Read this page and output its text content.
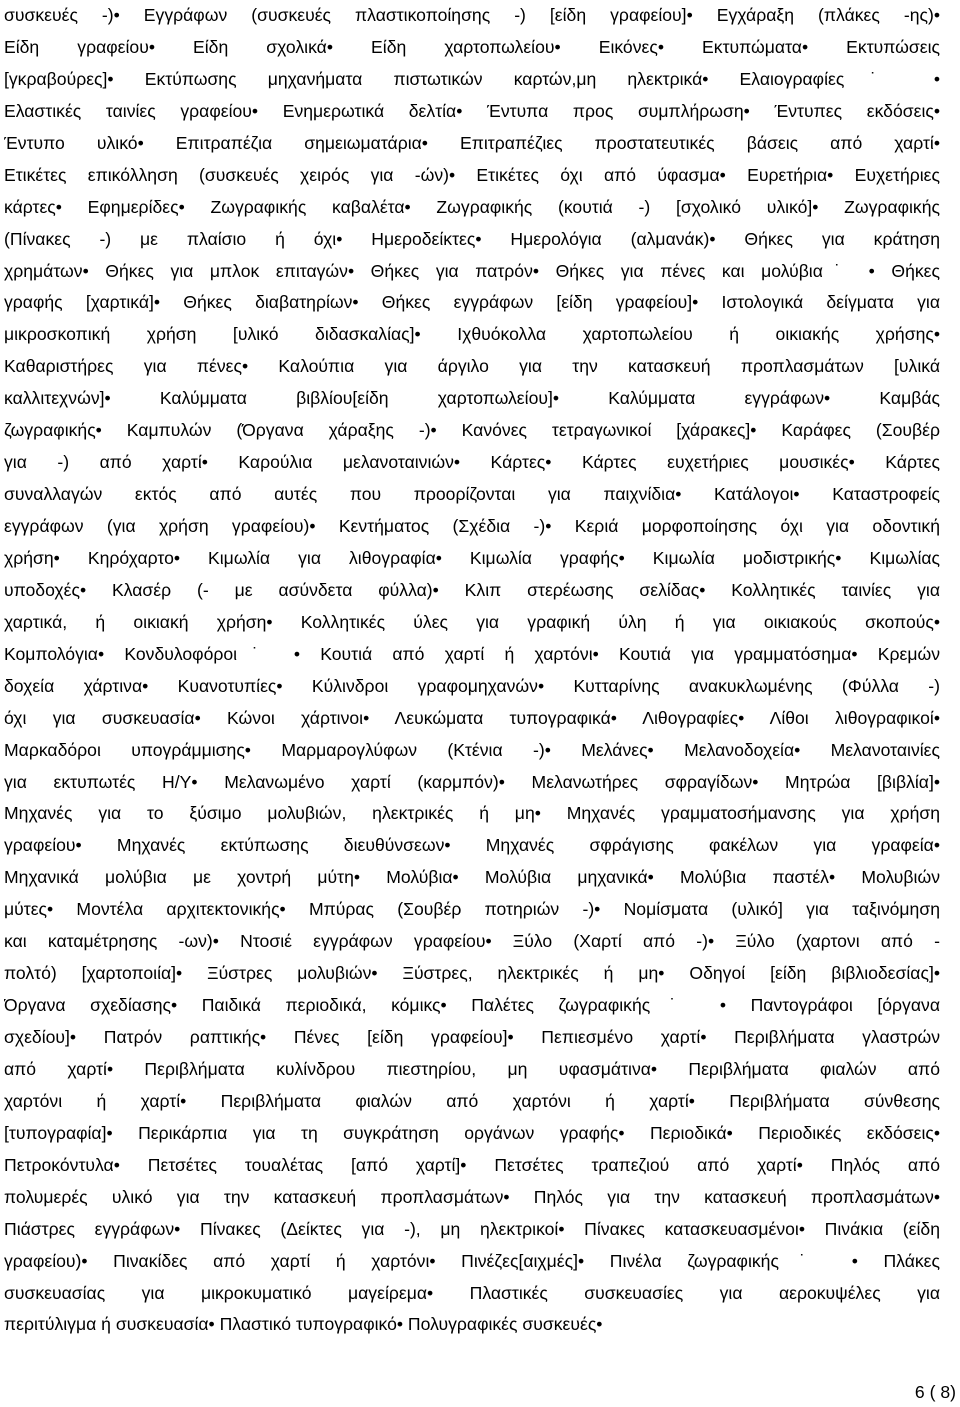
συσκευές -)• Εγγράφων (συσκευές πλαστικοποίησης -) [είδη γραφείου]• Εγχάραξη (πλάκες -ης)•
Είδη γραφείου• Είδη σχολικά• Είδη χαρτοπωλείου• Εικόνες• Εκτυπώματα• Εκτυπώσεις
[γκραβούρες]• Εκτύπωσης μηχανήματα πιστωτικών καρτών,μη ηλεκτρικά• Ελαιογραφίες˙ •
Ελαστικές ταινίες γραφείου• Ενημερωτικά δελτία• Έντυπα προς συμπλήρωση• Έντυπες εκδόσεις•
Έντυπο υλικό• Επιτραπέζια σημειωματάρια• Επιτραπέζιες προστατευτικές βάσεις από χαρτί•
Ετικέτες επικόλληση (συσκευές χειρός για -ών)• Ετικέτες όχι από ύφασμα• Ευρετήρια• Ευχετήριες
κάρτες• Εφημερίδες• Ζωγραφικής καβαλέτα• Ζωγραφικής (κουτιά -) [σχολικό υλικό]• Ζωγραφικής
(Πίνακες -) με πλαίσιο ή όχι• Ημεροδείκτες• Ημερολόγια (αλμανάκ)• Θήκες για κράτηση
χρημάτων• Θήκες για μπλοκ επιταγών• Θήκες για πατρόν• Θήκες για πένες και μολύβια˙ • Θήκες
γραφής [χαρτικά]• Θήκες διαβατηρίων• Θήκες εγγράφων [είδη γραφείου]• Ιστολογικά δείγματα για
μικροσκοπική χρήση [υλικό διδασκαλίας]• Ιχθυόκολλα χαρτοπωλείου ή οικιακής χρήσης•
Καθαριστήρες για πένες• Καλούπια για άργιλο για την κατασκευή προπλασμάτων [υλικά
καλλιτεχνών]• Καλύμματα βιβλίου[είδη χαρτοπωλείου]• Καλύμματα εγγράφων• Καμβάς
ζωγραφικής• Καμπυλών (Όργανα χάραξης -)• Κανόνες τετραγωνικοί [χάρακες]• Καράφες (Σουβέρ
για -) από χαρτί• Καρούλια μελανοταινιών• Κάρτες• Κάρτες ευχετήριες μουσικές• Κάρτες
συναλλαγών εκτός από αυτές που προορίζονται για παιχνίδια• Κατάλογοι• Καταστροφείς
εγγράφων (για χρήση γραφείου)• Κεντήματος (Σχέδια -)• Κεριά μορφοποίησης όχι για οδοντική
χρήση• Κηρόχαρτο• Κιμωλία για λιθογραφία• Κιμωλία γραφής• Κιμωλία μοδιστρικής• Κιμωλίας
υποδοχές• Κλασέρ (- με ασύνδετα φύλλα)• Κλιπ στερέωσης σελίδας• Κολλητικές ταινίες για
χαρτικά, ή οικιακή χρήση• Κολλητικές ύλες για γραφική ύλη ή για οικιακούς σκοπούς•
Κομπολόγια• Κονδυλοφόροι˙ • Κουτιά από χαρτί ή χαρτόνι• Κουτιά για γραμματόσημα• Κρεμών
δοχεία χάρτινα• Κυανοτυπίες• Κύλινδροι γραφομηχανών• Κυτταρίνης ανακυκλωμένης (Φύλλα -)
όχι για συσκευασία• Κώνοι χάρτινοι• Λευκώματα τυπογραφικά• Λιθογραφίες• Λίθοι λιθογραφικοί•
Μαρκαδόροι υπογράμμισης• Μαρμαρογλύφων (Κτένια -)• Μελάνες• Μελανοδοχεία• Μελανοταινίες
για εκτυπωτές Η/Υ• Μελανωμένο χαρτί (καρμπόν)• Μελανωτήρες σφραγίδων• Μητρώα [βιβλία]•
Μηχανές για το ξύσιμο μολυβιών, ηλεκτρικές ή μη• Μηχανές γραμματοσήμανσης για χρήση
γραφείου• Μηχανές εκτύπωσης διευθύνσεων• Μηχανές σφράγισης φακέλων για γραφεία•
Μηχανικά μολύβια με χοντρή μύτη• Μολύβια• Μολύβια μηχανικά• Μολύβια παστέλ• Μολυβιών
μύτες• Μοντέλα αρχιτεκτονικής• Μπύρας (Σουβέρ ποτηριών -)• Νομίσματα (υλικό] για ταξινόμηση
και καταμέτρησης -ων)• Ντοσιέ εγγράφων γραφείου• Ξύλο (Χαρτί από -)• Ξύλο (χαρτονι από -
πολτό) [χαρτοποιία]• Ξύστρες μολυβιών• Ξύστρες, ηλεκτρικές ή μη• Οδηγοί [είδη βιβλιοδεσίας]•
Όργανα σχεδίασης• Παιδικά περιοδικά, κόμικς• Παλέτες ζωγραφικής˙ • Παντογράφοι [όργανα
σχεδίου]• Πατρόν ραπτικής• Πένες [είδη γραφείου]• Πεπιεσμένο χαρτί• Περιβλήματα γλαστρών
από χαρτί• Περιβλήματα κυλίνδρου πιεστηρίου, μη υφασμάτινα• Περιβλήματα φιαλών από
χαρτόνι ή χαρτί• Περιβλήματα φιαλών από χαρτόνι ή χαρτί• Περιβλήματα σύνθεσης
[τυπογραφία]• Περικάρπια για τη συγκράτηση οργάνων γραφής• Περιοδικά• Περιοδικές εκδόσεις•
Πετροκόντυλα• Πετσέτες τουαλέτας [από χαρτί]• Πετσέτες τραπεζιού από χαρτί• Πηλός από
πολυμερές υλικό για την κατασκευή προπλασμάτων• Πηλός για την κατασκευή προπλασμάτων•
Πιάστρες εγγράφων• Πίνακες (Δείκτες για -), μη ηλεκτρικοί• Πίνακες κατασκευασμένοι• Πινάκια (είδη
γραφείου)• Πινακίδες από χαρτί ή χαρτόνι• Πινέζες[αιχμές]• Πινέλα ζωγραφικής˙ • Πλάκες
συσκευασίας για μικροκυματικό μαγείρεμα• Πλαστικές συσκευασίες για αεροκυψέλες για
περιτύλιγμα ή συσκευασία• Πλαστικό τυπογραφικό• Πολυγραφικές συσκευές•
6 ( 8)
